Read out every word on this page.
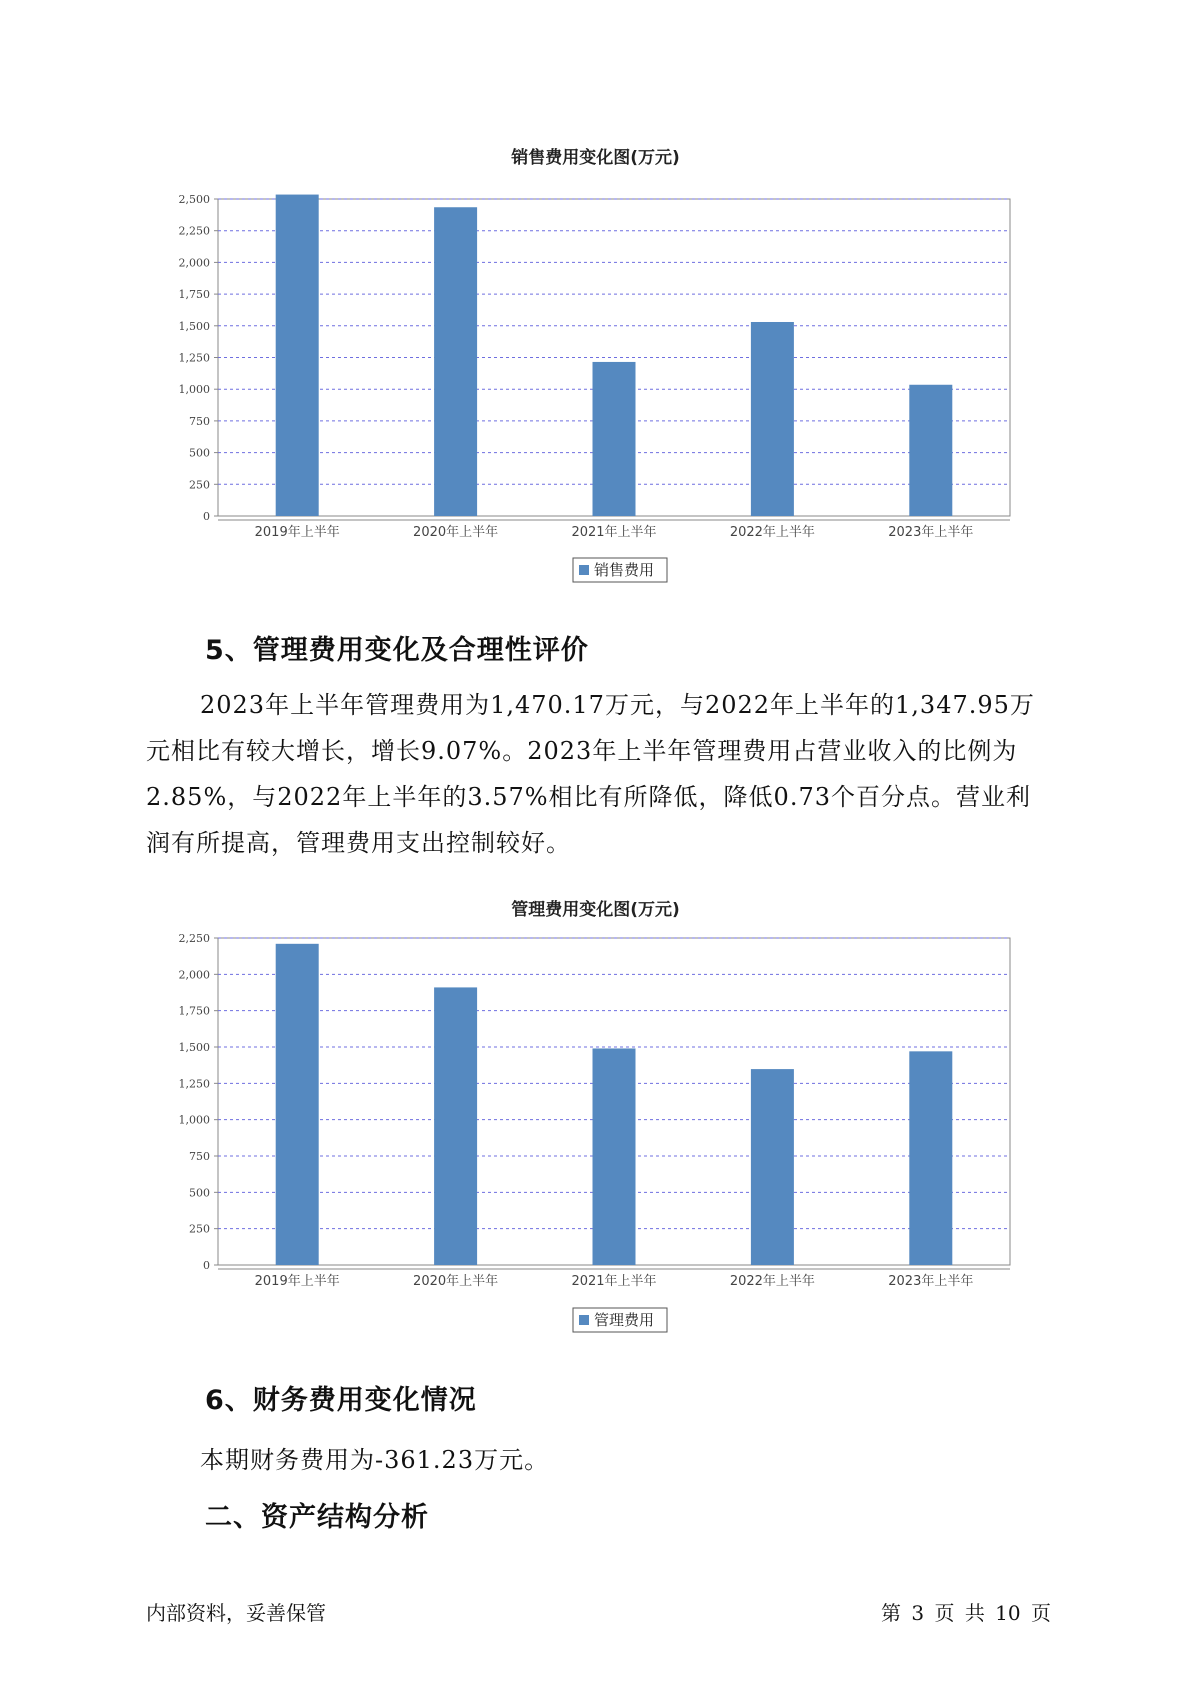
销售费用变化图(万元)
0
250
500
750
1,000
1,250
1,500
1,750
2,000
2,250
2,500
2019年上半年	2020年上半年	2021年上半年	2022年上半年	2023年上半年
销售费用
5、管理费用变化及合理性评价
2023年上半年管理费用为1,470.17万元，与2022年上半年的1,347.95万元相比有较大增长，增长9.07%。2023年上半年管理费用占营业收入的比例为2.85%，与2022年上半年的3.57%相比有所降低，降低0.73个百分点。营业利润有所提高，管理费用支出控制较好。
管理费用变化图(万元)
0
250
500
750
1,000
1,250
1,500
1,750
2,000
2,250
2019年上半年	2020年上半年	2021年上半年	2022年上半年	2023年上半年
管理费用
6、财务费用变化情况
本期财务费用为-361.23万元。
二、资产结构分析
内部资料，妥善保管	第 3 页 共 10 页
